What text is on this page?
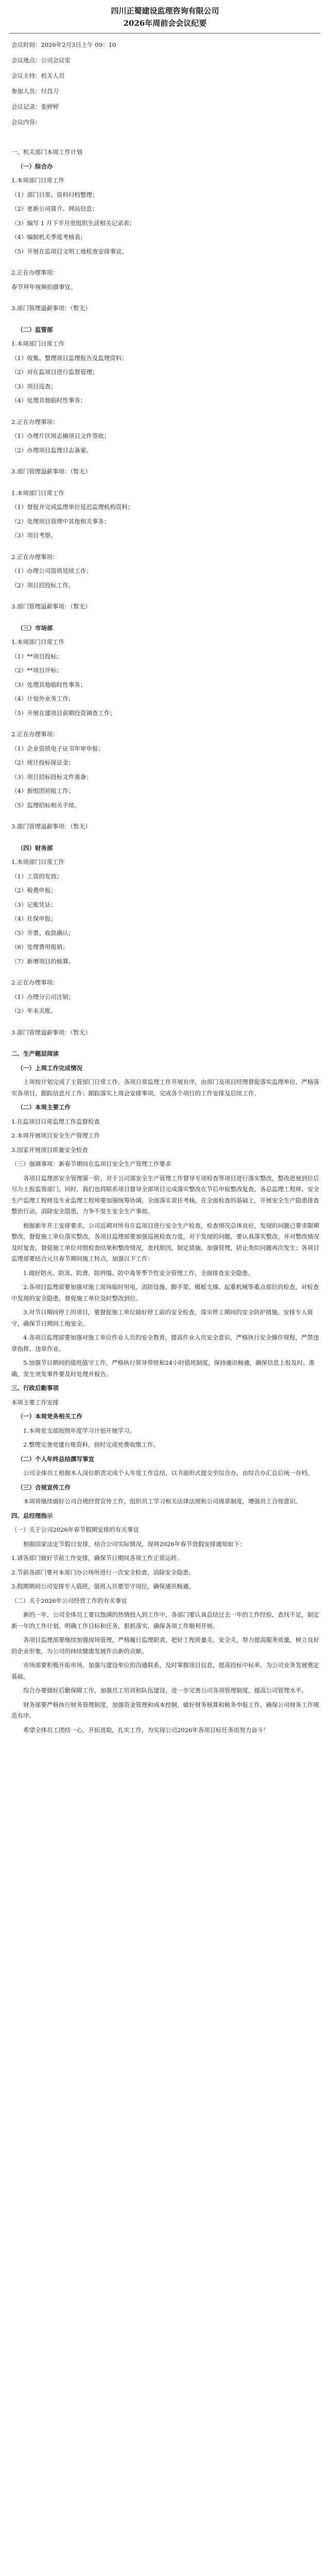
四川正蜀建设监理咨询有限公司
2026年周前会会议纪要
会议时间：2026年2月3日上午 09：10
会议地点：公司会议室
会议主持：机关人员
参加人员：付昌刀
会议记录：张婷婷
会议内容：
一、机关部门本周工作计划
（一）综合办
1.本周部门日常工作
（1）部门日常、资料归档整理；
（2）更新公司简介、网站信息；
（3）编写 1 月下半月党组织生活相关记录表；
（4）编制机关季度考核表；
（5）开展在监项目文明工地检查安排事宜。
2.正在办理事项：
春节拜年视频拍摄事宜。
3.部门管理溢薪事项：（暂无）
（二）监管部
1.本周部门日常工作
（1）收集、整理项目监理报告及监理资料；
（2）对在监项目进行监督管理；
（3）项目巡查；
（4）处理其他临时性事务；
2.正在办理事项：
（1）办理片区周志摘项目文件签收；
（2）办理项目监理日志备案。
3.部门管理溢薪事项：（暂无）
1.本周部门日常工作
（1）督促并完成监理单位延迟监理机构资料；
（2）处理项目管理中其他相关事务；
（3）项目考察。
2.正在办理事项：
（1）办理公司资质延续工作；
（2）项目招投标工作。
3.部门管理溢薪事项：（暂无）
（三）市场部
1.本周部门日常工作
（1）**项目投标；
（2）**项目评标；
（3）处理其他临时性事务；
（4）计划外业务工作；
（5）开展在建项目前期投资调查工作；
2.正在办理事项：
（1）企业资质电子证书年审申报；
（2）统计投标保证金；
（3）项目招标投标文件准备；
（4）新组团初报工作；
（5）监理招标相关手续。
3.部门管理溢薪事项：（暂无）
（四）财务部
1.本周部门日常工作
（1）工资的发放；
（2）税费申报；
（3）记账凭证；
（4）社保申报；
（5）开票、收款确认；
（6）处理费用报销；
（7）新增项目的核算。
2.正在办理事项：
（1）办理分公司注销；
（2）年末关账。
3.部门管理溢薪事项：（暂无）
二、生产题层阅读
（一）上周工作完成情况
上周按计划完成了主管部门日常工作，各项日常监理工作开展有序，由部门及项目经理督促落实监理单位、严格落实各项目，跟踪信息月工作；跟踪落实上周会安排事项，完成各个项目的工作安排及后续工作。
（二）本周主要工作
1.在监项目日常监理工作监督检查
2.本周开展项目安全生产管理工作
3.国家开展项目质量安全检查
（三）强调事项：新春节期间在监项目安全生产管理工作要求
各项目监理部安全管理第一阶，对于公司部安全生产管理工作督导专项检查等项目进行落实整改，整改进展到位后尽力上报监管部门，同时，我们也将联系项目督导全部项目完成落实整改在节后申报整改复查，各总监理工程师、安全生产监理工程师及专业监理工程师要加强统筹协调，全面落实责任考核，在全面检查的基础上，开展安全生产隐患排查整治行动，消除安全隐患，力争不发生安全生产事故。
根据新年开工安排要求，公司近期对所有在监项目进行安全生产检查，检查情况总体良好，发现的问题已要求限期整改，督促施工单位落实整改，各项目监理部要加强巡视检查力度，对于发现的问题，要认真落实整改，并对整改情况及时复查，督促施工单位对照检查结果和整改情况，查找原因，制定措施，加强管理，防止类似问题再次发生；各项目监理部要结合元旦春节期间施工特点，加强以下工作：
1.做好防火、防冻、防滑、防坍塌、防中毒等季节性安全管理工作，全面排查安全隐患。
2.各项目监理部要加强对施工现场临时用电、消防设施、脚手架、模板支撑、起重机械等重点部位的检查，对检查中发现的安全隐患，督促施工单位及时整改到位。
3.对节日期间停工的项目，要督促施工单位做好停工前的安全检查，落实停工期间的安全防护措施，安排专人值守，确保节日期间工地安全。
4.各项目监理部要加强对施工单位作业人员的安全教育，提高作业人员安全意识，严格执行安全操作规程，严禁违章指挥、违章作业。
5.加强节日期间的值班值守工作，严格执行领导带班和24小时值班制度，保持通讯畅通，确保信息上报及时、准确，发生突发事件要及时处理并报告。
三、行政后勤事项
本周主要工作安排
（一）本周党务相关工作
1.本周党支部按照年度学习计划开展学习。
2.整理完善党建台账资料，按时完成党费收缴工作。
（二）个人年终总结撰写事宜
公司全体员工根据本人岗位职责完成个人年度工作总结，以书面形式提交至综合办，由综合办汇总后统一存档。
（三）合规宣传工作
本周将继续做好公司合规经营宣传工作，组织员工学习相关法律法规和公司规章制度，增强员工合规意识。
四、总经理指示
（一）关于公司2026年春节假期安排的有关事宜
根据国家法定节假日安排，结合公司实际情况，现将2026年春节放假安排通知如下：
1.请各部门做好节前工作安排，确保节日期间各项工作正常运转。
2.节前各部门要对本部门办公场所进行一次安全检查，消除安全隐患。
3.假期期间公司安排专人值班，值班人员要坚守岗位，确保通讯畅通。
（二）关于2026年公司经营工作的有关事宜
新的一年，公司全体员工要以饱满的热情投入到工作中，各部门要认真总结过去一年的工作经验，查找不足，制定新一年的工作计划，明确工作目标和任务，狠抓落实，确保各项工作顺利开展。
各项目监理部要继续加强现场管理，严格履行监理职责，把好工程质量关、安全关，努力提高服务质量，树立良好的企业形象，为公司的持续健康发展作出新的贡献。
市场部要积极开拓市场，加强与建设单位的沟通联系，及时掌握项目信息，提高投标中标率，为公司业务发展奠定基础。
综合办要做好后勤保障工作，加强员工培训和队伍建设，进一步完善公司各项管理制度，提高公司管理水平。
财务部要严格执行财务管理制度，加强资金管理和成本控制，做好财务核算和税务申报工作，确保公司财务工作规范有序。
希望全体员工团结一心，开拓进取，扎实工作，为实现公司2026年各项目标任务而努力奋斗！
